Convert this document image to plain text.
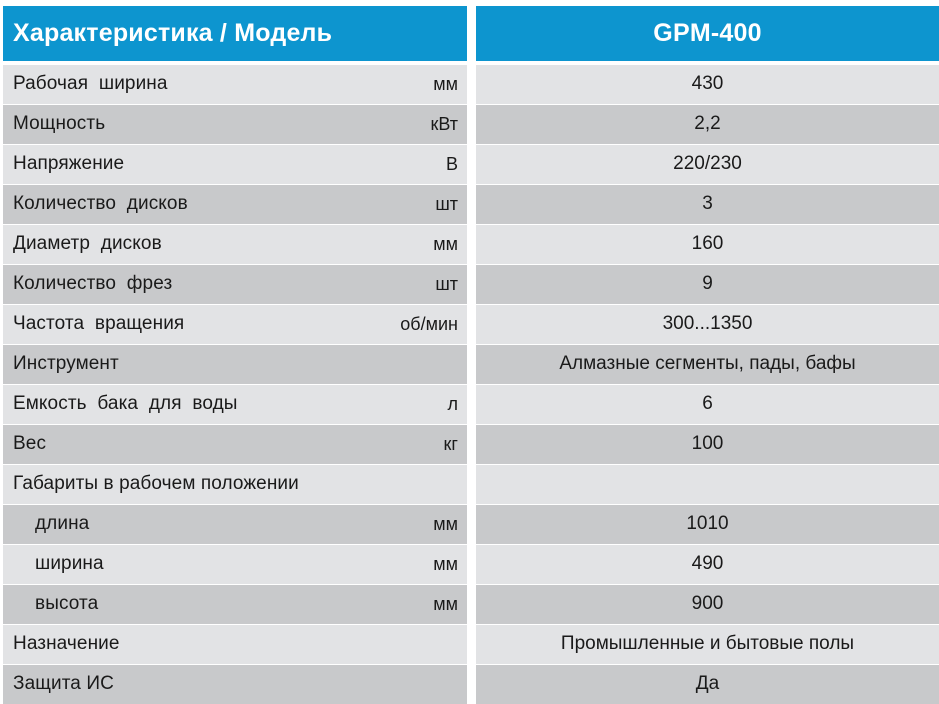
Характеристика / Модель	GPM-400
Рабочая  ширина	мм	430
Мощность	кВт	2,2
Напряжение	В	220/230
Количество  дисков	шт	3
Диаметр  дисков	мм	160
Количество  фрез	шт	9
Частота  вращения	об/мин	300...1350
Инструмент	Алмазные сегменты, пады, бафы
Емкость  бака  для  воды	л	6
Вес	кг	100
Габариты в рабочем положении
длина	мм	1010
ширина	мм	490
высота	мм	900
Назначение	Промышленные и бытовые полы
Защита ИС	Да
